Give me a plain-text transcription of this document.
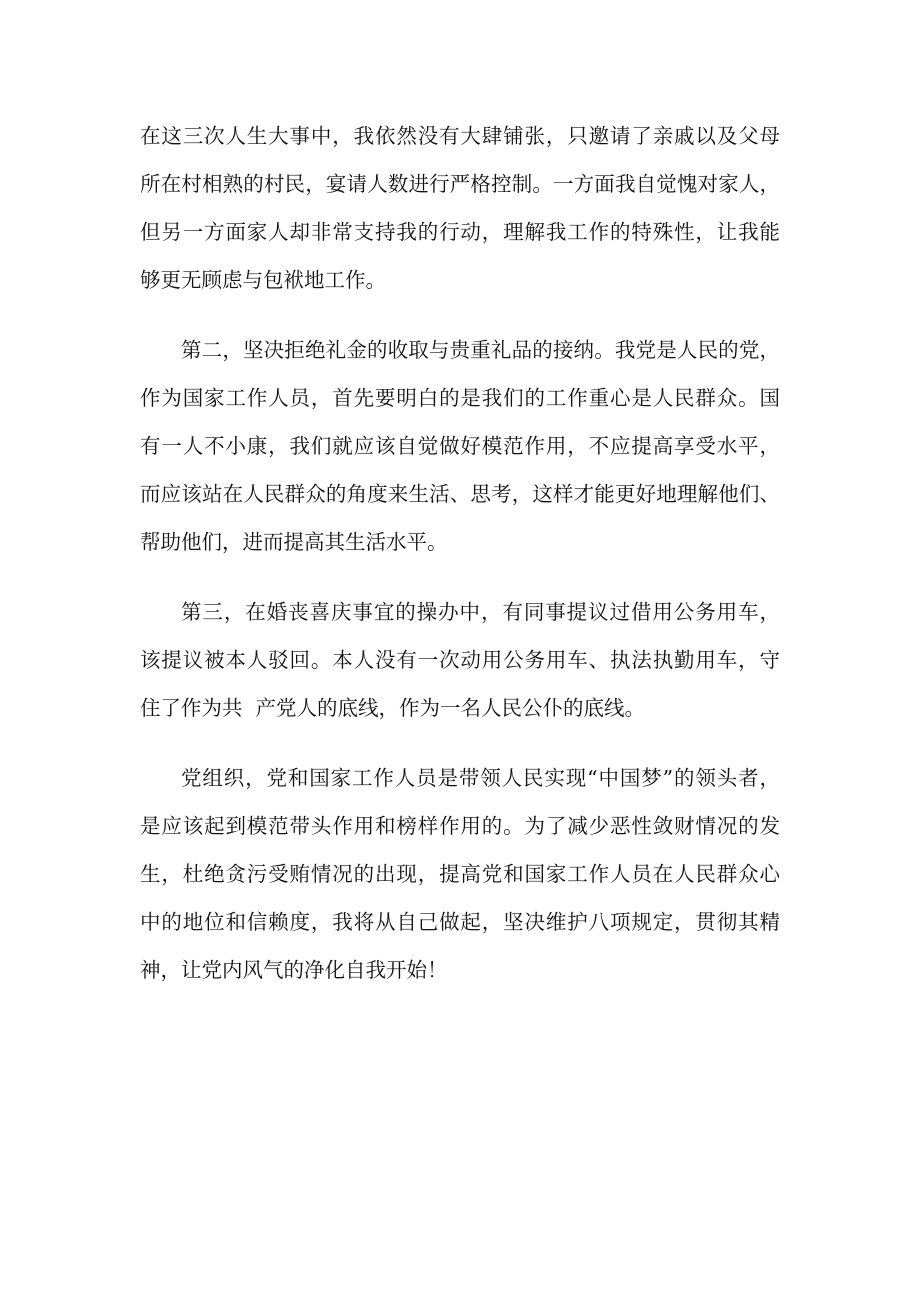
在这三次人生大事中，我依然没有大肆铺张，只邀请了亲戚以及父母
所在村相熟的村民，宴请人数进行严格控制。一方面我自觉愧对家人，
但另一方面家人却非常支持我的行动，理解我工作的特殊性，让我能
够更无顾虑与包袱地工作。
第二，坚决拒绝礼金的收取与贵重礼品的接纳。我党是人民的党，
作为国家工作人员，首先要明白的是我们的工作重心是人民群众。国
有一人不小康，我们就应该自觉做好模范作用，不应提高享受水平，
而应该站在人民群众的角度来生活、思考，这样才能更好地理解他们、
帮助他们，进而提高其生活水平。
第三，在婚丧喜庆事宜的操办中，有同事提议过借用公务用车，
该提议被本人驳回。本人没有一次动用公务用车、执法执勤用车，守
住了作为共  产党人的底线，作为一名人民公仆的底线。
党组织，党和国家工作人员是带领人民实现“中国梦”的领头者，
是应该起到模范带头作用和榜样作用的。为了减少恶性敛财情况的发
生，杜绝贪污受贿情况的出现，提高党和国家工作人员在人民群众心
中的地位和信赖度，我将从自己做起，坚决维护八项规定，贯彻其精
神，让党内风气的净化自我开始！
